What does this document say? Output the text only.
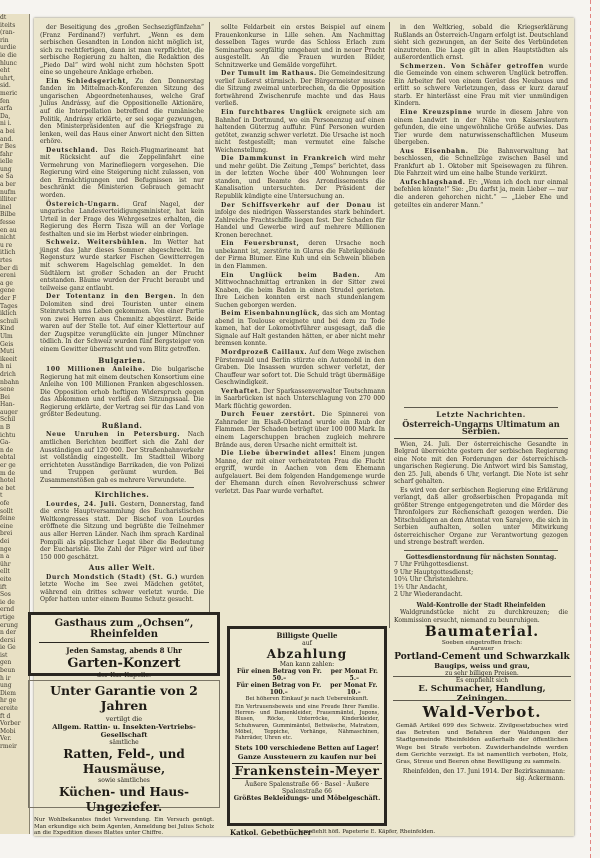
dt
iteits
(ran-
rin
urdie
ie die
hlunc
eht
uhrt,
sid.
meric
fen
arfa
Da,
ni i.
a bei
and.
r Bes
fahr
ielle
ung
e Sa
a ber
nufm
illiter
inel
Bilbe
fesse
en au
nicht
u re
itlich
rtes
ber di
ereni
a ge
gene
der F
Tages
iklich
schuli
Kind
Ulm
Geis
Muti
ikeeit
h ni
drich
nbahn
sene
Bei
Han-
auger
Schil
n B
ichtu
Ga-
n de
ebtal
er ge
m de
hotel
e bet
t
ofe
sollt
feine
eine
brei
dei
nge
n a
ühr
ellt
eite
ift
Sos
ie de
ernd
rtige
erung
n der
dersi
ie Ge
ist
gen
beun
h ir
ung
Diem
hr ge
ereite
ft d
Vorber
Mobi
Ver.
rmeir
der Beseitigung des „großen Sechsezigfünfzehn“ (Franz Ferdinand?) verfuhrt. „Wenn es dem serbischen Gesandten in London nicht möglich ist, sich zu rechtfertigen, dann ist man verpflichtet, die serbische Regierung zu halten, die Redaktion des „Piedo Dal“ wird wohl nicht zum höchsten Spott eine so ungeheure Anklage erheben.
Ein Schiedsgericht, Zu den Donnerstag fanden im Mittelmach-Konferenzen Sitzung des ungarischen Abgeordnetenhauses, welche Graf Julius Andrássy, auf die Oppositionelle Aktionäre, auf die Interpellation betreffend die rumänische Politik, Andrássy erklärte, er sei sogar gezwungen, den Ministerpräsidenten auf die Kriegsfrage zu lenken, weil das Haus einer Anwort nicht den Sitten erhöre.
Deutschland. Das Reich-Flugmarineamt hat mit Rücksicht auf die Zeppelinfahrt eine Vermehrung von Marinefliegern vorgesehen. Die Regierung wird eine Steigerung nicht zulassen, von den Ermächtigungen und Befugnissen ist nur beschränkt die Ministerien Gebrauch gemacht worden.
Östereich-Ungarn. Graf Nagel, der ungarische Landesverteidigungsminister, hat kein Urteil in der Frage des Wehrgesetzes erhalten, die Regierung des Herrn Tisza will an der Vorlage festhalten und sie im Herbst wieder einbringen.
Schweiz. Weitersbühlen. Im Wetter hat jüngst das Jahr dieses Sommer abgeschreckt. Im Regensturz wurde starker Fischen Gewitterregen mit schwerem Hagelschlag gemeldet. In den Südtälern ist großer Schaden an der Frucht entstanden. Bäume wurden der Frucht beraubt und teilweise ganz entlaubt.
Der Totentanz in den Bergen. In den Dolomiten sind drei Touristen unter einem Steinrutsch ums Leben gekommen. Von einer Partie von zwei Herren aus Chemnitz abgestürzt. Beide waren auf der Stelle tot. Auf einer Klettertour auf der Zugspitze verunglückte ein junger Münchner tödlich. In der Schweiz wurden fünf Bergsteiger von einem Gewitter überrascht und vom Blitz getroffen.
Bulgarien.
100 Millionen Anleihe. Die bulgarische Regierung hat mit einem deutschen Konsortium eine Anleihe von 100 Millionen Franken abgeschlossen. Die Opposition erhob heftigen Widerspruch gegen das Abkommen und verließ den Sitzungssaal. Die Regierung erklärte, der Vertrag sei für das Land von größter Bedeutung.
Rußland.
Neue Unruhen in Petersburg. Nach amtlichen Berichten beziffert sich die Zahl der Ausständigen auf 120 000. Der Straßenbahnverkehr ist vollständig eingestellt. Im Stadtteil Wiborg errichteten Ausständige Barrikaden, die von Polizei und Truppen geräumt wurden. Bei Zusammenstößen gab es mehrere Verwundete.
Kirchliches.
Lourdes, 24. Juli. Gestern, Donnerstag, fand die erste Hauptversammlung des Eucharistischen Weltkongresses statt. Der Bischof von Lourdes eröffnete die Sitzung und begrüßte die Teilnehmer aus aller Herren Länder. Nach ihm sprach Kardinal Pompili als päpstlicher Legat über die Bedeutung der Eucharistie. Die Zahl der Pilger wird auf über 150 000 geschätzt.
Aus aller Welt.
Durch Mondstich (Stadt) (St. G.) wurden letzte Woche im See zwei Mädchen getötet, während ein drittes schwer verletzt wurde. Die Opfer hatten unter einem Baume Schutz gesucht.
sollte Feldarbeit ein erstes Beispiel auf einem Frauenkonkurse in Lille sehen. Am Nachmittag desselben Tages wurde das Schloss Erlach zum Seminarbau sorgfältig umgebaut und in neuer Pracht ausgestellt. An die Frauen wurden Bilder, Schnitzwerke und Gemälde vorgeführt.
Der Tumult im Rathaus. Die Gemeindesitzung verlief äußerst stürmisch. Der Bürgermeister musste die Sitzung zweimal unterbrechen, da die Opposition fortwährend Zwischenrufe machte und das Haus verließ.
Ein furchtbares Unglück ereignete sich am Bahnhof in Dortmund, wo ein Personenzug auf einen haltenden Güterzug auffuhr. Fünf Personen wurden getötet, zwanzig schwer verletzt. Die Ursache ist noch nicht festgestellt; man vermutet eine falsche Weichenstellung.
Die Dammkunst in Frankreich wird mehr und mehr geübt. Die Zeitung „Temps“ berichtet, dass in der letzten Woche über 400 Wohnungen leer standen, und Beamte des Arrondissements die Kanalisation untersuchten. Der Präsident der Republik kündigte eine Untersuchung an.
Der Schiffsverkehr auf der Donau ist infolge des niedrigen Wasserstandes stark behindert. Zahlreiche Frachtschiffe liegen fest. Der Schaden für Handel und Gewerbe wird auf mehrere Millionen Kronen berechnet.
Ein Feuersbrunst, deren Ursache noch unbekannt ist, zerstörte in Glarus die Fabrikgebäude der Firma Blumer. Eine Kuh und ein Schwein blieben in den Flammen.
Ein Unglück beim Baden. Am Mittwochnachmittag ertranken in der Sitter zwei Knaben, die beim Baden in einen Strudel gerieten. Ihre Leichen konnten erst nach stundenlangem Suchen geborgen werden.
Beim Eisenbahnunglück, das sich am Montag abend in Toulouse ereignete und bei dem zu Tode kamen, hat der Lokomotivführer ausgesagt, daß die Signale auf Halt gestanden hätten, er aber nicht mehr bremsen konnte.
Mordprozeß Caillaux. Auf dem Wege zwischen Fürstenwald und Berlin stürzte ein Automobil in den Graben. Die Insassen wurden schwer verletzt, der Chauffeur war sofort tot. Die Schuld trägt übermäßige Geschwindigkeit.
Verhaftet. Der Sparkassenverwalter Teutschmann in Saarbrücken ist nach Unterschlagung von 270 000 Mark flüchtig geworden.
Durch Feuer zerstört. Die Spinnerei von Zahnrader im Elsaß-Oberland wurde ein Raub der Flammen. Der Schaden beträgt über 100 000 Mark. In einem Lagerschuppen brachen zugleich mehrere Brände aus, deren Ursache nicht ermittelt ist.
Die Liebe überwindet alles! Einem jungen Manne, der mit einer verheirateten Frau die Flucht ergriff, wurde in Aachen von dem Ehemann aufgelauert. Bei dem folgenden Handgemenge wurde der Ehemann durch einen Revolverschuss schwer verletzt. Das Paar wurde verhaftet.
in den Weltkrieg, sobald die Kriegserklärung Rußlands an Österreich-Ungarn erfolgt ist. Deutschland sieht sich gezwungen, an der Seite des Verbündeten einzutreten. Die Lage gilt in allen Hauptstädten als außerordentlich ernst.
Schmerzen. Von Schäfer getroffen wurde die Gemeinde von einem schweren Unglück betroffen. Ein Arbeiter fiel von einem Gerüst des Neubaues und erlitt so schwere Verletzungen, dass er kurz darauf starb. Er hinterlässt eine Frau mit vier unmündigen Kindern.
Eine Kreuzspinne wurde in diesem Jahre von einem Landwirt in der Nähe von Kaiserslautern gefunden, die eine ungewöhnliche Größe aufwies. Das Tier wurde dem naturwissenschaftlichen Museum übergeben.
Aus Eisenbahn. Die Bahnverwaltung hat beschlossen, die Schnellzüge zwischen Basel und Frankfurt ab 1. Oktober mit Speisewagen zu führen. Die Fahrzeit wird um eine halbe Stunde verkürzt.
Aufschlagshand. Er: „Wenn ich doch nur einmal befehlen könnte!“ Sie: „Du darfst ja, mein Lieber — nur die anderen gehorchen nicht.“ — „Lieber Ehe und geteiltes ein anderer Mann.“
Letzte Nachrichten.
Österreich-Ungarns Ultimatum an Serbien.
Wien, 24. Juli. Der österreichische Gesandte in Belgrad überreichte gestern der serbischen Regierung eine Note mit den Forderungen der österreichisch-ungarischen Regierung. Die Antwort wird bis Samstag, den 25. Juli, abends 6 Uhr, verlangt. Die Note ist sehr scharf gehalten.
Es wird von der serbischen Regierung eine Erklärung verlangt, daß aller großserbischen Propaganda mit größter Strenge entgegengetreten und die Mörder des Thronfolgers zur Rechenschaft gezogen werden. Die Mitschuldigen an dem Attentat von Sarajevo, die sich in Serbien aufhalten, sollen unter Mitwirkung österreichischer Organe zur Verantwortung gezogen und strenge bestraft werden.
Gottesdienstordnung für nächsten Sonntag.
7 Uhr Frühgottesdienst.
9 Uhr Hauptgottesdienst;
10¼ Uhr Christenlehre.
1½ Uhr Andacht,
2 Uhr Wiederandacht.
Wald-Kontrolle der Stadt Rheinfelden
Waldgrundstücke nicht zu durchkreuzen; die Kommission ersucht, niemand zu beunruhigen.
Gasthaus zum „Ochsen“, Rheinfelden
Jeden Samstag, abends 8 Uhr
Garten-Konzert
der Kur-Kapelle.
Unter Garantie von 2 Jahren
vertilgt die
Allgem. Rattin- u. Insekten-Vertriebs-Gesellschaft
sämtliche
Ratten, Feld-, und Hausmäuse,
sowie sämtliches
Küchen- und Haus-Ungeziefer.
Nur Wohlbekanntes findet Verwendung. Ein Versuch genügt. Man erkundige sich beim Agenten, Anmeldung bei Julius Scholz an die Expedition dieses Blattes unter Chiffre.
Billigste Quelle
auf
Abzahlung
Man kann zahlen:
Für einen Betrag von Fr. 50.–
per Monat Fr. 5.–
Für einen Betrag von Fr. 100.–
per Monat Fr. 10.–
Bei höheren Einkauf je nach Uebereinkunft.
Ein Vertrauensbeweis und eine Freude Ihrer Familie. Herren- und Damenkleider, Frauenmäntel, Jupons, Blusen, Röcke, Unterröcke, Kinderkleider, Schuhwaren, Gummimäntel, Bettwäsche, Matratzen, Möbel, Teppiche, Vorhänge, Nähmaschinen, Fahrräder, Uhren etc.
Stets 100 verschiedene Betten auf Lager!
Ganze Aussteuern zu kaufen nur bei
Frankenstein-Meyer
Äußere Spalenstraße 66 · Basel · Äußere Spalenstraße 66
Größtes Bekleidungs- und Möbelgeschäft.
Katkol. Gebetbücher
empfiehlt höfl. Papeterie E. Käpfer, Rheinfelden.
Baumaterial.
Soeben eingetroffen frisch:
Aarauer
Portland-Cement und Schwarzkalk
Baugips, weiss und grau,
zu sehr billigen Preisen.
Es empfiehlt sich
E. Schumacher, Handlung, Zeiningen.
Wald-Verbot.
Gemäß Artikel 699 des Schweiz. Zivilgesetzbuches wird das Betreten und Befahren der Waldungen der Stadtgemeinde Rheinfelden außerhalb der öffentlichen Wege bei Strafe verboten. Zuwiderhandelnde werden dem Gerichte verzeigt. Es ist namentlich verboten, Holz, Gras, Streue und Beeren ohne Bewilligung zu sammeln.
Rheinfelden, den 17. Juni 1914. Der Bezirksammann: sig. Ackermann.
